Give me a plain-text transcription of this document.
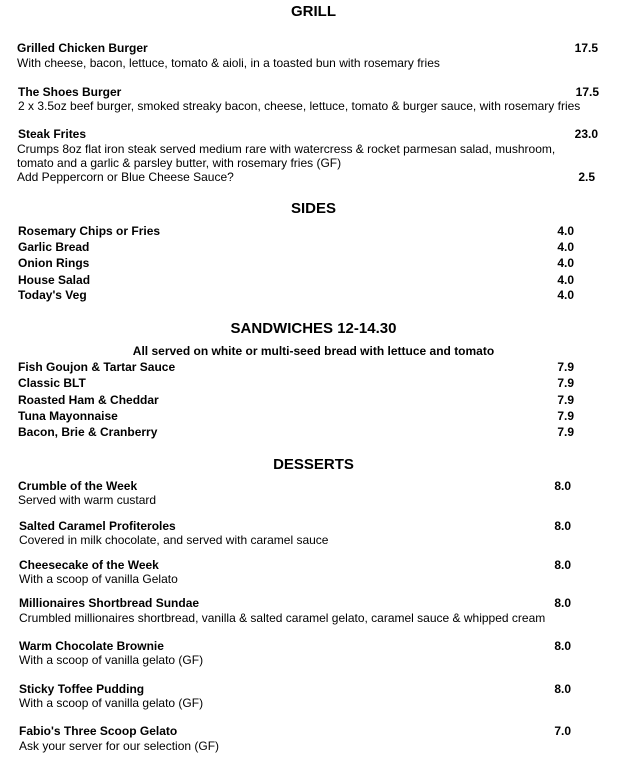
GRILL
Grilled Chicken Burger	17.5
With cheese, bacon, lettuce, tomato & aioli, in a toasted bun with rosemary fries
The Shoes Burger	17.5
2 x 3.5oz beef burger, smoked streaky bacon, cheese, lettuce, tomato & burger sauce, with rosemary fries
Steak Frites	23.0
Crumps 8oz flat iron steak served medium rare with watercress & rocket parmesan salad, mushroom,
tomato and a garlic & parsley butter, with rosemary fries (GF)
Add Peppercorn or Blue Cheese Sauce?	2.5
SIDES
Rosemary Chips or Fries	4.0
Garlic Bread	4.0
Onion Rings	4.0
House Salad	4.0
Today's Veg	4.0
SANDWICHES 12-14.30
All served on white or multi-seed bread with lettuce and tomato
Fish Goujon & Tartar Sauce	7.9
Classic BLT	7.9
Roasted Ham & Cheddar	7.9
Tuna Mayonnaise	7.9
Bacon, Brie & Cranberry	7.9
DESSERTS
Crumble of the Week	8.0
Served with warm custard
Salted Caramel Profiteroles	8.0
Covered in milk chocolate, and served with caramel sauce
Cheesecake of the Week	8.0
With a scoop of vanilla Gelato
Millionaires Shortbread Sundae	8.0
Crumbled millionaires shortbread, vanilla & salted caramel gelato, caramel sauce & whipped cream
Warm Chocolate Brownie	8.0
With a scoop of vanilla gelato (GF)
Sticky Toffee Pudding	8.0
With a scoop of vanilla gelato (GF)
Fabio's Three Scoop Gelato	7.0
Ask your server for our selection (GF)
